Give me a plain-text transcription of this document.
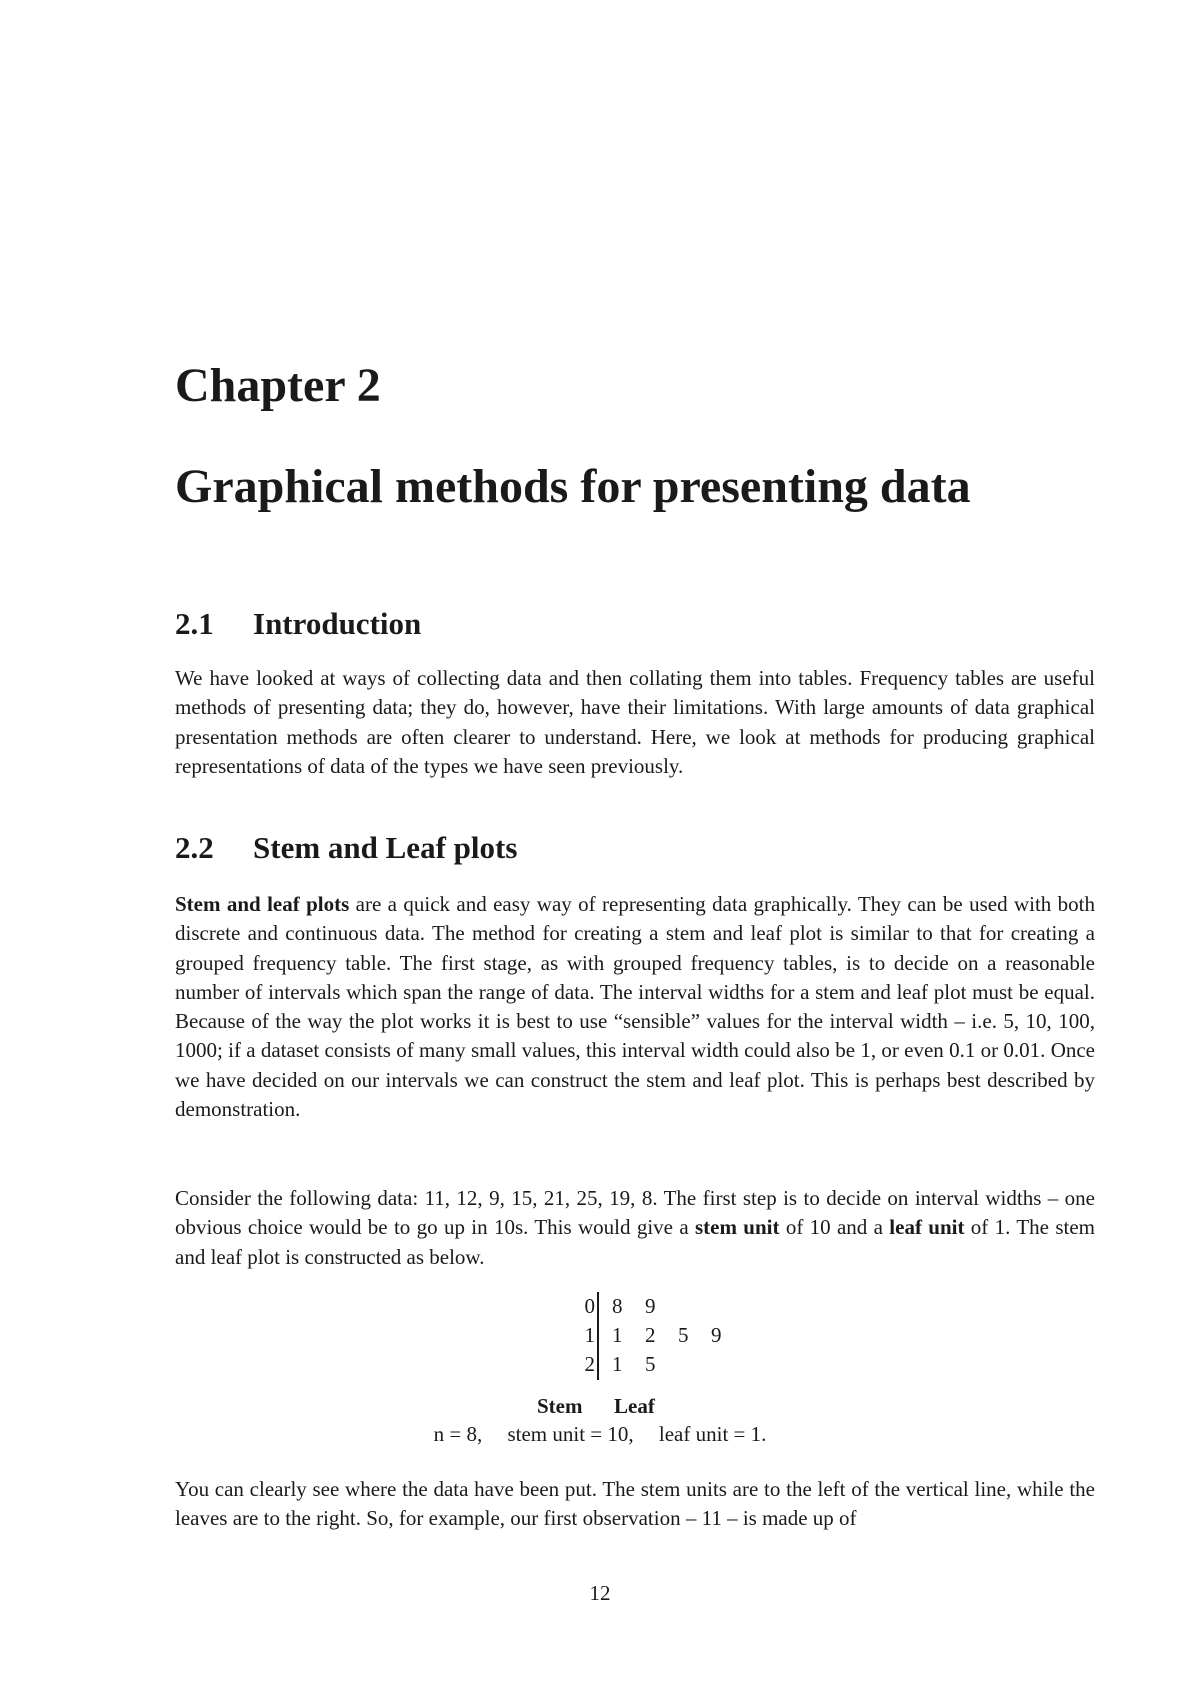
Chapter 2
Graphical methods for presenting data
2.1 Introduction

We have looked at ways of collecting data and then collating them into tables. Frequency tables are useful methods of presenting data; they do, however, have their limitations. With large amounts of data graphical presentation methods are often clearer to understand. Here, we look at methods for producing graphical representations of data of the types we have seen previously.

2.2 Stem and Leaf plots

Stem and leaf plots are a quick and easy way of representing data graphically. They can be used with both discrete and continuous data. The method for creating a stem and leaf plot is similar to that for creating a grouped frequency table. The first stage, as with grouped frequency tables, is to decide on a reasonable number of intervals which span the range of data. The interval widths for a stem and leaf plot must be equal. Because of the way the plot works it is best to use “sensible” values for the interval width – i.e. 5, 10, 100, 1000; if a dataset consists of many small values, this interval width could also be 1, or even 0.1 or 0.01. Once we have decided on our intervals we can construct the stem and leaf plot. This is perhaps best described by demonstration.

Consider the following data: 11, 12, 9, 15, 21, 25, 19, 8. The first step is to decide on interval widths – one obvious choice would be to go up in 10s. This would give a stem unit of 10 and a leaf unit of 1. The stem and leaf plot is constructed as below.

0 8 9
1 1 2 5 9
2 1 5
Stem Leaf
n = 8, stem unit = 10, leaf unit = 1.

You can clearly see where the data have been put. The stem units are to the left of the vertical line, while the leaves are to the right. So, for example, our first observation – 11 – is made up of

12
